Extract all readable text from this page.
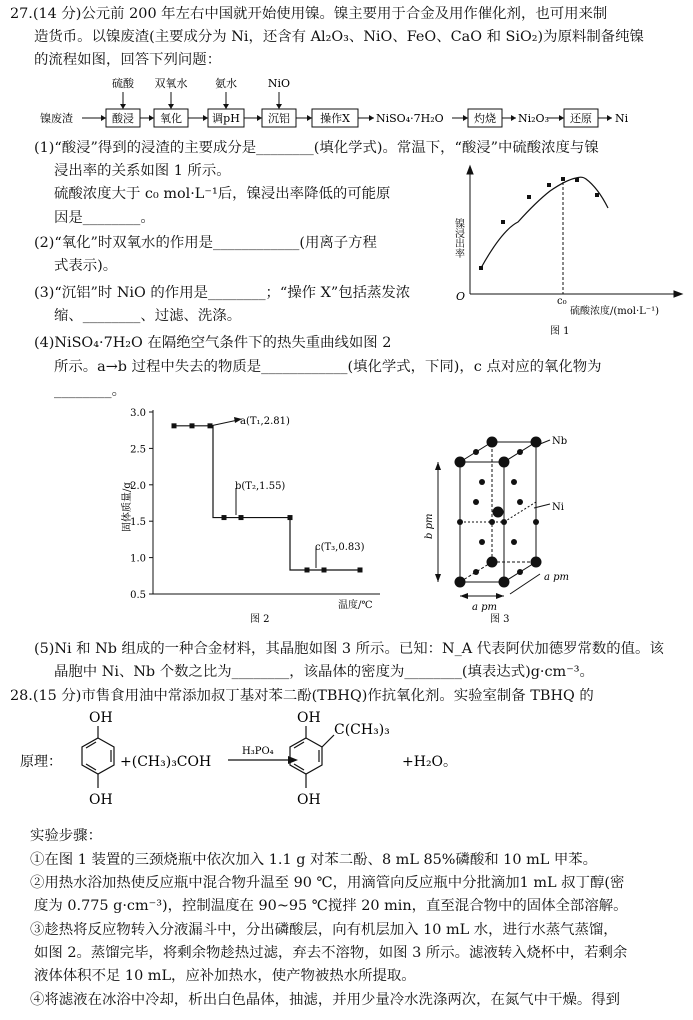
27.(14 分)公元前 200 年左右中国就开始使用镍。镍主要用于合金及用作催化剂，也可用来制
造货币。以镍废渣(主要成分为 Ni，还含有 Al₂O₃、NiO、FeO、CaO 和 SiO₂)为原料制备纯镍
的流程如图，回答下列问题：
镍废渣	酸浸 氧化	调pH	沉铝	操作X NiSO₄·7H₂O	灼烧 Ni₂O₃ 还原 Ni
硫酸 双氧水	氨水	NiO
(1)“酸浸”得到的浸渣的主要成分是________(填化学式)。常温下，“酸浸”中硫酸浓度与镍
浸出率的关系如图 1 所示。
硫酸浓度大于 c₀ mol·L⁻¹后，镍浸出率降低的可能原
因是________。
(2)“氧化”时双氧水的作用是____________(用离子方程
式表示)。
(3)“沉铝”时 NiO 的作用是________；“操作 X”包括蒸发浓
缩、________、过滤、洗涤。
镍浸出率
O	c₀
硫酸浓度/(mol·L⁻¹)
图 1
(4)NiSO₄·7H₂O 在隔绝空气条件下的热失重曲线如图 2
所示。a→b 过程中失去的物质是____________(填化学式，下同)，c 点对应的氧化物为
________。
0.5
1.0
1.5
2.0
2.5
3.0
a(T₁,2.81)
b(T₂,1.55)
c(T₃,0.83)
固体质量/g
温度/℃
图 2
Nb
Ni
b pm
a pm
a pm
图 3
(5)Ni 和 Nb 组成的一种合金材料，其晶胞如图 3 所示。已知：N_A 代表阿伏加德罗常数的值。该
晶胞中 Ni、Nb 个数之比为________，该晶体的密度为________(填表达式)g·cm⁻³。
28.(15 分)市售食用油中常添加叔丁基对苯二酚(TBHQ)作抗氧化剂。实验室制备 TBHQ 的
原理：
OH
OH
+(CH₃)₃COH
H₃PO₄
OH
OH
C(CH₃)₃
+H₂O。
实验步骤：
①在图 1 装置的三颈烧瓶中依次加入 1.1 g 对苯二酚、8 mL 85%磷酸和 10 mL 甲苯。
②用热水浴加热使反应瓶中混合物升温至 90 ℃，用滴管向反应瓶中分批滴加1 mL 叔丁醇(密
度为 0.775 g·cm⁻³)，控制温度在 90~95 ℃搅拌 20 min，直至混合物中的固体全部溶解。
③趁热将反应物转入分液漏斗中，分出磷酸层，向有机层加入 10 mL 水，进行水蒸气蒸馏，
如图 2。蒸馏完毕，将剩余物趁热过滤，弃去不溶物，如图 3 所示。滤液转入烧杯中，若剩余
液体体积不足 10 mL，应补加热水，使产物被热水所提取。
④将滤液在冰浴中冷却，析出白色晶体，抽滤，并用少量冷水洗涤两次，在氮气中干燥。得到
